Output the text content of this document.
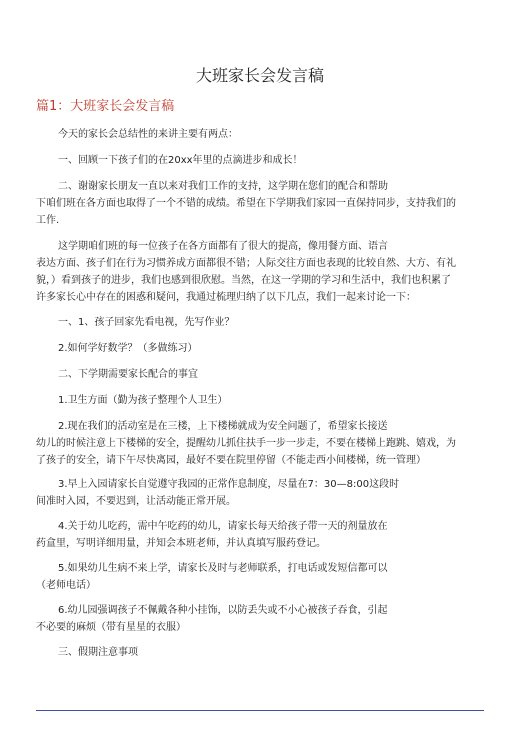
大班家长会发言稿
篇1：大班家长会发言稿
今天的家长会总结性的来讲主要有两点：
一、回顾一下孩子们的在20xx年里的点滴进步和成长！
二、谢谢家长朋友一直以来对我们工作的支持，这学期在您们的配合和帮助
下咱们班在各方面也取得了一个不错的成绩。希望在下学期我们家园一直保持同步，支持我们的
工作.
这学期咱们班的每一位孩子在各方面都有了很大的提高，像用餐方面、语言
表达方面、孩子们在行为习惯养成方面都很不错；人际交往方面也表现的比较自然、大方、有礼
貌，）看到孩子的进步，我们也感到很欣慰。当然，在这一学期的学习和生活中，我们也积累了
许多家长心中存在的困惑和疑问，我通过梳理归纳了以下几点，我们一起来讨论一下：
一、1、孩子回家先看电视，先写作业？
2.如何学好数学？（多做练习）
二、下学期需要家长配合的事宜
1.卫生方面（勤为孩子整理个人卫生）
2.现在我们的活动室是在三楼，上下楼梯就成为安全问题了，希望家长接送
幼儿的时候注意上下楼梯的安全，提醒幼儿抓住扶手一步一步走，不要在楼梯上跑跳、嬉戏，为
了孩子的安全，请下午尽快离园，最好不要在院里停留（不能走西小间楼梯，统一管理）
3.早上入园请家长自觉遵守我园的正常作息制度，尽量在7：30—8:00这段时
间准时入园，不要迟到，让活动能正常开展。
4.关于幼儿吃药，需中午吃药的幼儿，请家长每天给孩子带一天的剂量放在
药盒里，写明详细用量，并知会本班老师，并认真填写服药登记。
5.如果幼儿生病不来上学，请家长及时与老师联系，打电话或发短信都可以
（老师电话）
6.幼儿园强调孩子不佩戴各种小挂饰，以防丢失或不小心被孩子吞食，引起
不必要的麻烦（带有星星的衣服）
三、假期注意事项
